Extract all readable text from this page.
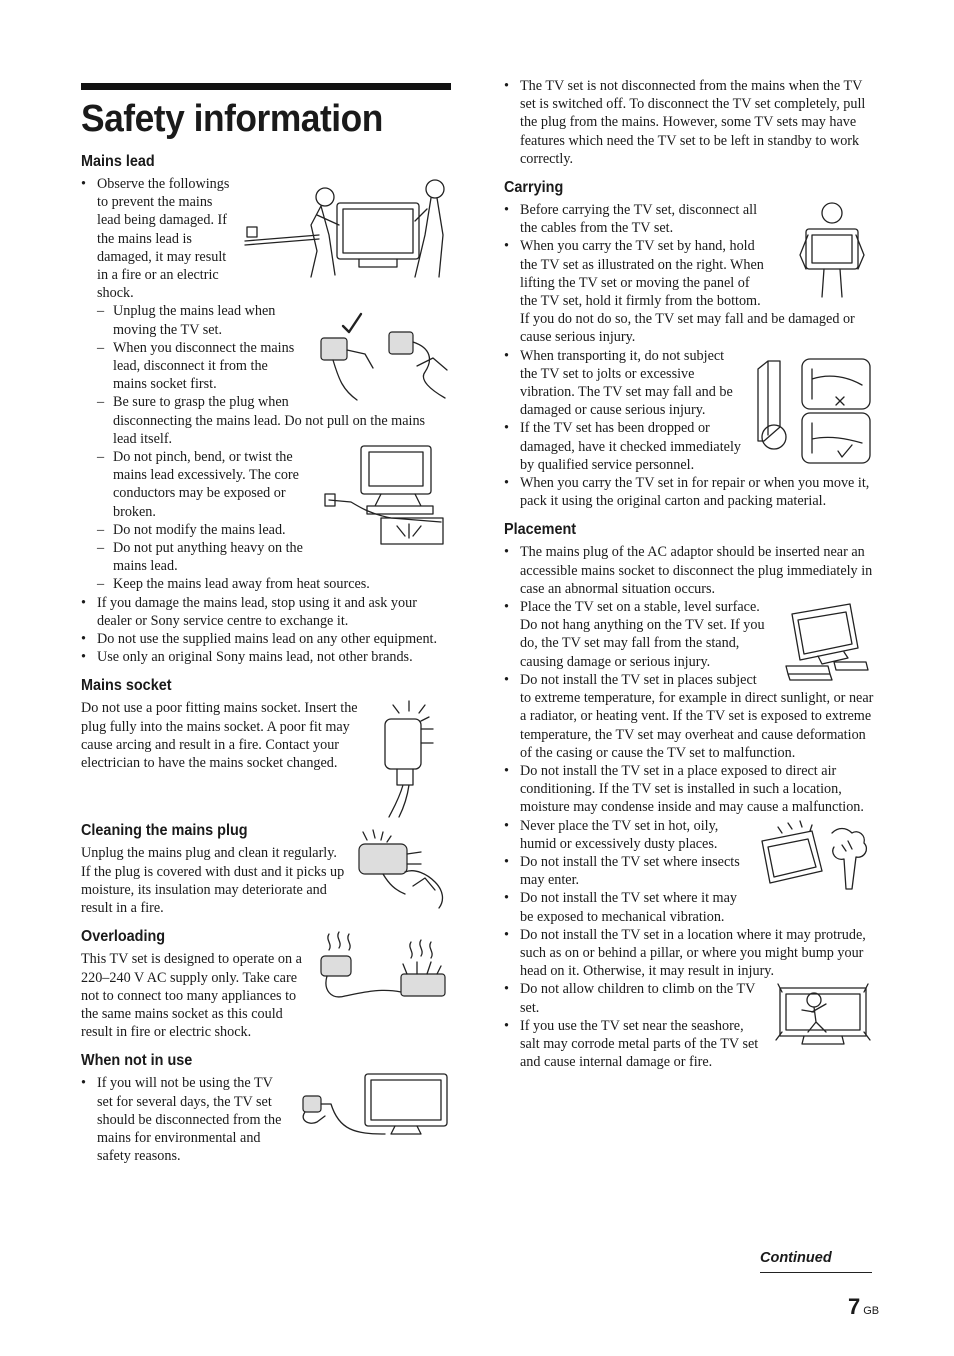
Safety information
Mains lead
• Observe the followings to prevent the mains lead being damaged. If the mains lead is damaged, it may result in a fire or an electric shock.
– Unplug the mains lead when moving the TV set.
– When you disconnect the mains lead, disconnect it from the mains socket first.
– Be sure to grasp the plug when disconnecting the mains lead. Do not pull on the mains lead itself.
– Do not pinch, bend, or twist the mains lead excessively. The core conductors may be exposed or broken.
– Do not modify the mains lead.
– Do not put anything heavy on the mains lead.
– Keep the mains lead away from heat sources.
• If you damage the mains lead, stop using it and ask your dealer or Sony service centre to exchange it.
• Do not use the supplied mains lead on any other equipment.
• Use only an original Sony mains lead, not other brands.
Mains socket

Do not use a poor fitting mains socket. Insert the plug fully into the mains socket. A poor fit may cause arcing and result in a fire. Contact your electrician to have the mains socket changed.

Cleaning the mains plug

Unplug the mains plug and clean it regularly. If the plug is covered with dust and it picks up moisture, its insulation may deteriorate and result in a fire.

Overloading

This TV set is designed to operate on a 220–240 V AC supply only. Take care not to connect too many appliances to the same mains socket as this could result in fire or electric shock.

When not in use
• If you will not be using the TV set for several days, the TV set should be disconnected from the mains for environmental and safety reasons.
• The TV set is not disconnected from the mains when the TV set is switched off. To disconnect the TV set completely, pull the plug from the mains. However, some TV sets may have features which need the TV set to be left in standby to work correctly.
Carrying
• Before carrying the TV set, disconnect all the cables from the TV set.
• When you carry the TV set by hand, hold the TV set as illustrated on the right. When lifting the TV set or moving the panel of the TV set, hold it firmly from the bottom. If you do not do so, the TV set may fall and be damaged or cause serious injury.
• When transporting it, do not subject the TV set to jolts or excessive vibration. The TV set may fall and be damaged or cause serious injury.
• If the TV set has been dropped or damaged, have it checked immediately by qualified service personnel.
• When you carry the TV set in for repair or when you move it, pack it using the original carton and packing material.
Placement
• The mains plug of the AC adaptor should be inserted near an accessible mains socket to disconnect the plug immediately in case an abnormal situation occurs.
• Place the TV set on a stable, level surface. Do not hang anything on the TV set. If you do, the TV set may fall from the stand, causing damage or serious injury.
• Do not install the TV set in places subject to extreme temperature, for example in direct sunlight, or near a radiator, or heating vent. If the TV set is exposed to extreme temperature, the TV set may overheat and cause deformation of the casing or cause the TV set to malfunction.
• Do not install the TV set in a place exposed to direct air conditioning. If the TV set is installed in such a location, moisture may condense inside and may cause a malfunction.
• Never place the TV set in hot, oily, humid or excessively dusty places.
• Do not install the TV set where insects may enter.
• Do not install the TV set where it may be exposed to mechanical vibration.
• Do not install the TV set in a location where it may protrude, such as on or behind a pillar, or where you might bump your head on it. Otherwise, it may result in injury.
• Do not allow children to climb on the TV set.
• If you use the TV set near the seashore, salt may corrode metal parts of the TV set and cause internal damage or fire.
Continued
7 GB
